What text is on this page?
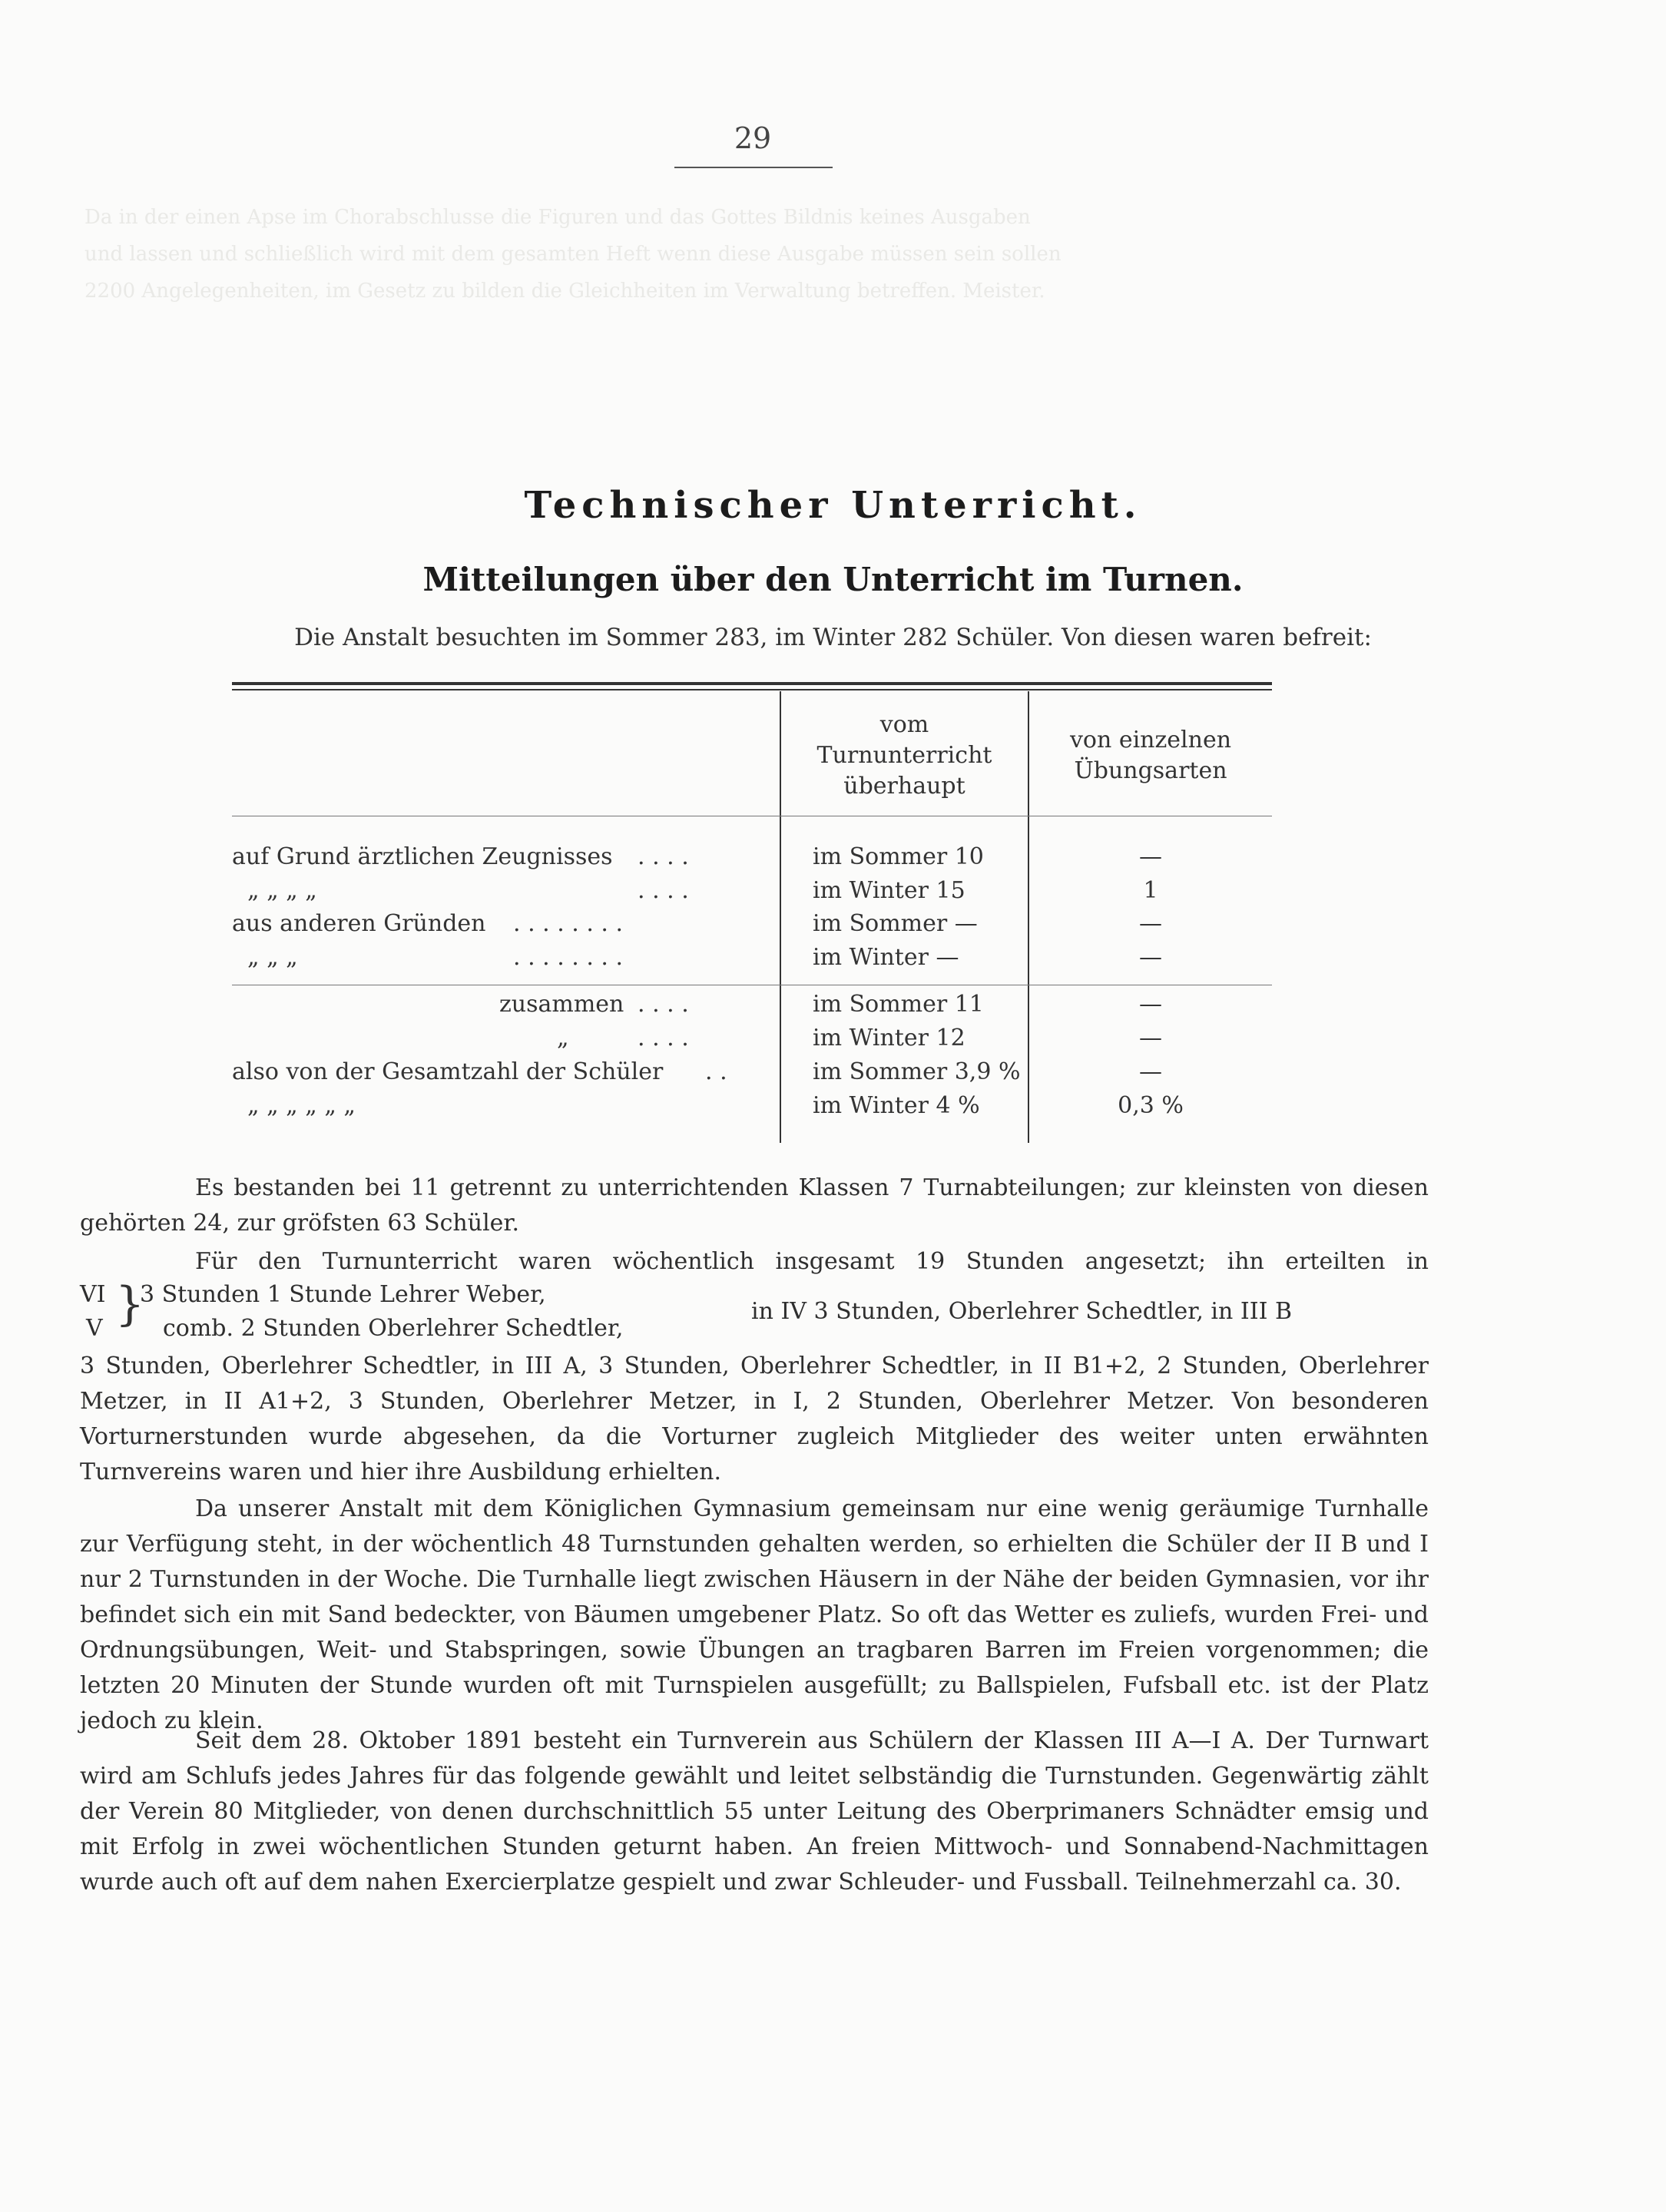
29
Da in der einen Apse im Chorabschlusse die Figuren und das Gottes Bildnis keines Ausgaben
und lassen und schließlich wird mit dem gesamten Heft wenn diese Ausgabe müssen sein sollen
2200 Angelegenheiten, im Gesetz zu bilden die Gleichheiten im Verwaltung betreffen. Meister.
Technischer Unterricht.
Mitteilungen über den Unterricht im Turnen.
Die Anstalt besuchten im Sommer 283, im Winter 282 Schüler. Von diesen waren befreit:
vom
Turnunterricht
überhaupt
von einzelnen
Übungsarten
auf Grund ärztlichen Zeugnisses . . . .	im Sommer 10	—
„ „ „ „	. . . .	im Winter 15	1
aus anderen Gründen . . . . . . . .	im Sommer —	—
„ „ „	. . . . . . . .	im Winter —	—
zusammen . . . .	im Sommer 11	—
„	. . . .	im Winter 12	—
also von der Gesamtzahl der Schüler . .	im Sommer 3,9 %	—
„ „ „ „ „ „	im Winter 4 %	0,3 %

Es bestanden bei 11 getrennt zu unterrichtenden Klassen 7 Turnabteilungen; zur kleinsten von diesen gehörten 24, zur gröfsten 63 Schüler.

Für den Turnunterricht waren wöchentlich insgesamt 19 Stunden angesetzt; ihn erteilten in

VI
V }
3 Stunden 1 Stunde Lehrer Weber,
comb. 2 Stunden Oberlehrer Schedtler,
in IV 3 Stunden, Oberlehrer Schedtler, in III B

3 Stunden, Oberlehrer Schedtler, in III A, 3 Stunden, Oberlehrer Schedtler, in II B1+2, 2 Stunden, Oberlehrer Metzer, in II A1+2, 3 Stunden, Oberlehrer Metzer, in I, 2 Stunden, Oberlehrer Metzer. Von besonderen Vorturnerstunden wurde abgesehen, da die Vorturner zugleich Mitglieder des weiter unten erwähnten Turnvereins waren und hier ihre Ausbildung erhielten.

Da unserer Anstalt mit dem Königlichen Gymnasium gemeinsam nur eine wenig geräumige Turnhalle zur Verfügung steht, in der wöchentlich 48 Turnstunden gehalten werden, so erhielten die Schüler der II B und I nur 2 Turnstunden in der Woche. Die Turnhalle liegt zwischen Häusern in der Nähe der beiden Gymnasien, vor ihr befindet sich ein mit Sand bedeckter, von Bäumen umgebener Platz. So oft das Wetter es zuliefs, wurden Frei- und Ordnungsübungen, Weit- und Stabspringen, sowie Übungen an tragbaren Barren im Freien vorgenommen; die letzten 20 Minuten der Stunde wurden oft mit Turnspielen ausgefüllt; zu Ballspielen, Fufsball etc. ist der Platz jedoch zu klein.

Seit dem 28. Oktober 1891 besteht ein Turnverein aus Schülern der Klassen III A—I A. Der Turnwart wird am Schlufs jedes Jahres für das folgende gewählt und leitet selbständig die Turnstunden. Gegenwärtig zählt der Verein 80 Mitglieder, von denen durchschnittlich 55 unter Leitung des Oberprimaners Schnädter emsig und mit Erfolg in zwei wöchentlichen Stunden geturnt haben. An freien Mittwoch- und Sonnabend-Nachmittagen wurde auch oft auf dem nahen Exercierplatze gespielt und zwar Schleuder- und Fussball. Teilnehmerzahl ca. 30.
